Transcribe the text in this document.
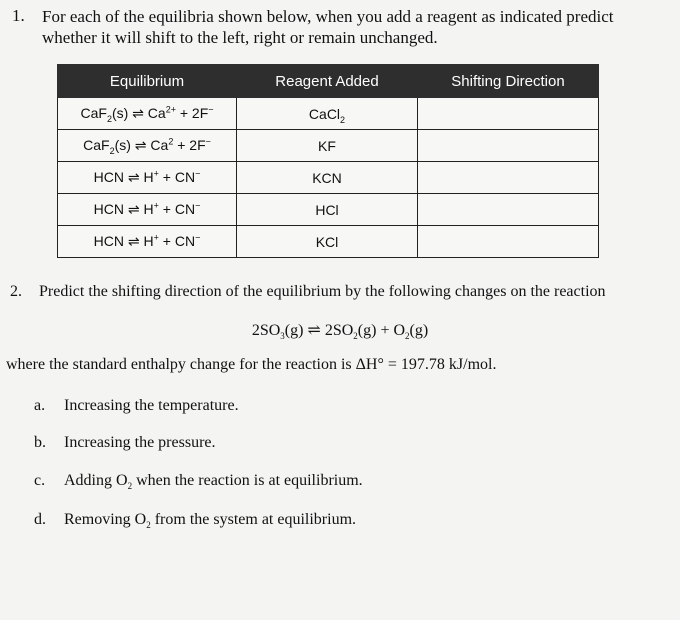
1. For each of the equilibria shown below, when you add a reagent as indicated predict
whether it will shift to the left, right or remain unchanged.
Equilibrium	Reagent Added	Shifting Direction
CaF$_2$(s) ⇌ $Ca^{2+} + 2F^-$	CaCl$_2$	
CaF$_2$(s) ⇌ $Ca^2 + 2F^-$	KF	
HCN ⇌ H+ + CN−	KCN	
HCN ⇌ H+ + CN−	HCl	
HCN ⇌ H+ + CN−	KCl	
2. Predict the shifting direction of the equilibrium by the following changes on the reaction
$2SO_3(g)$ ⇌ $2SO_2(g) + O_2(g)$
where the standard enthalpy change for the reaction is ΔH° = 197.78 kJ/mol.
a. Increasing the temperature.
b. Increasing the pressure.
c. Adding $O_2$ when the reaction is at equilibrium.
d. Removing $O_2$ from the system at equilibrium.
